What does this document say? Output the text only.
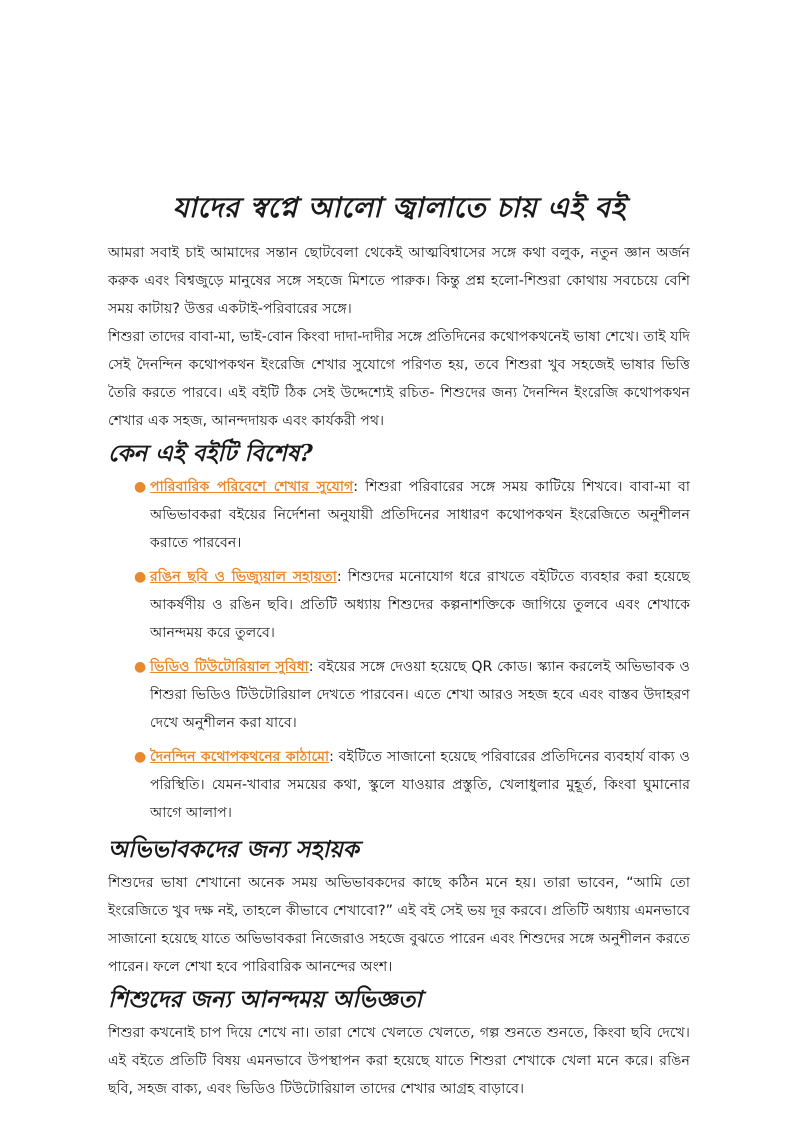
যাদের স্বপ্নে আলো জ্বালাতে চায় এই বই

আমরা সবাই চাই আমাদের সন্তান ছোটবেলা থেকেই আত্মবিশ্বাসের সঙ্গে কথা বলুক, নতুন জ্ঞান অর্জন করুক এবং বিশ্বজুড়ে মানুষের সঙ্গে সহজে মিশতে পারুক। কিন্তু প্রশ্ন হলো-শিশুরা কোথায় সবচেয়ে বেশি সময় কাটায়? উত্তর একটাই-পরিবারের সঙ্গে।

শিশুরা তাদের বাবা-মা, ভাই-বোন কিংবা দাদা-দাদীর সঙ্গে প্রতিদিনের কথোপকথনেই ভাষা শেখে। তাই যদি সেই দৈনন্দিন কথোপকথন ইংরেজি শেখার সুযোগে পরিণত হয়, তবে শিশুরা খুব সহজেই ভাষার ভিত্তি তৈরি করতে পারবে। এই বইটি ঠিক সেই উদ্দেশ্যেই রচিত- শিশুদের জন্য দৈনন্দিন ইংরেজি কথোপকথন শেখার এক সহজ, আনন্দদায়ক এবং কার্যকরী পথ।

কেন এই বইটি বিশেষ?
● পারিবারিক পরিবেশে শেখার সুযোগ: শিশুরা পরিবারের সঙ্গে সময় কাটিয়ে শিখবে। বাবা-মা বা অভিভাবকরা বইয়ের নির্দেশনা অনুযায়ী প্রতিদিনের সাধারণ কথোপকথন ইংরেজিতে অনুশীলন করাতে পারবেন।
● রঙিন ছবি ও ভিজ্যুয়াল সহায়তা: শিশুদের মনোযোগ ধরে রাখতে বইটিতে ব্যবহার করা হয়েছে আকর্ষণীয় ও রঙিন ছবি। প্রতিটি অধ্যায় শিশুদের কল্পনাশক্তিকে জাগিয়ে তুলবে এবং শেখাকে আনন্দময় করে তুলবে।
● ভিডিও টিউটোরিয়াল সুবিধা: বইয়ের সঙ্গে দেওয়া হয়েছে QR কোড। স্ক্যান করলেই অভিভাবক ও শিশুরা ভিডিও টিউটোরিয়াল দেখতে পারবেন। এতে শেখা আরও সহজ হবে এবং বাস্তব উদাহরণ দেখে অনুশীলন করা যাবে।
● দৈনন্দিন কথোপকথনের কাঠামো: বইটিতে সাজানো হয়েছে পরিবারের প্রতিদিনের ব্যবহার্য বাক্য ও পরিস্থিতি। যেমন-খাবার সময়ের কথা, স্কুলে যাওয়ার প্রস্তুতি, খেলাধুলার মুহূর্ত, কিংবা ঘুমানোর আগে আলাপ।
অভিভাবকদের জন্য সহায়ক

শিশুদের ভাষা শেখানো অনেক সময় অভিভাবকদের কাছে কঠিন মনে হয়। তারা ভাবেন, “আমি তো ইংরেজিতে খুব দক্ষ নই, তাহলে কীভাবে শেখাবো?” এই বই সেই ভয় দূর করবে। প্রতিটি অধ্যায় এমনভাবে সাজানো হয়েছে যাতে অভিভাবকরা নিজেরাও সহজে বুঝতে পারেন এবং শিশুদের সঙ্গে অনুশীলন করতে পারেন। ফলে শেখা হবে পারিবারিক আনন্দের অংশ।

শিশুদের জন্য আনন্দময় অভিজ্ঞতা

শিশুরা কখনোই চাপ দিয়ে শেখে না। তারা শেখে খেলতে খেলতে, গল্প শুনতে শুনতে, কিংবা ছবি দেখে। এই বইতে প্রতিটি বিষয় এমনভাবে উপস্থাপন করা হয়েছে যাতে শিশুরা শেখাকে খেলা মনে করে। রঙিন ছবি, সহজ বাক্য, এবং ভিডিও টিউটোরিয়াল তাদের শেখার আগ্রহ বাড়াবে।
